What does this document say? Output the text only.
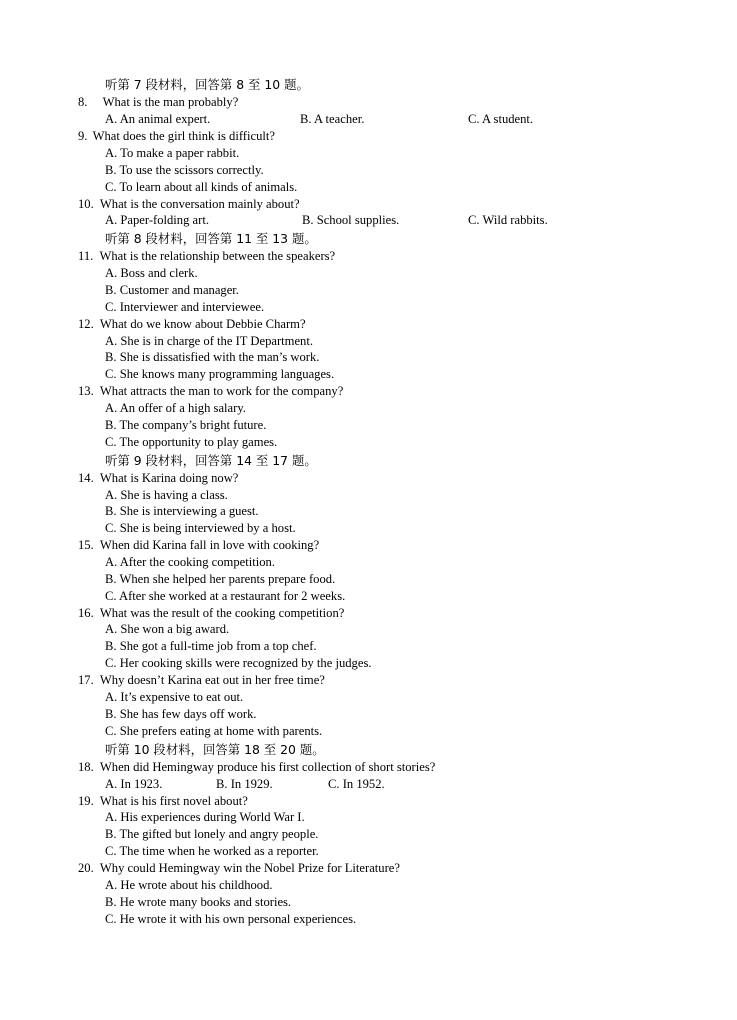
听第 7 段材料，回答第 8 至 10 题。
8. What is the man probably?
A. An animal expert.	B. A teacher.	C. A student.
9. What does the girl think is difficult?
A. To make a paper rabbit.
B. To use the scissors correctly.
C. To learn about all kinds of animals.
10. What is the conversation mainly about?
A. Paper-folding art.	B. School supplies.	C. Wild rabbits.
听第 8 段材料，回答第 11 至 13 题。
11. What is the relationship between the speakers?
A. Boss and clerk.
B. Customer and manager.
C. Interviewer and interviewee.
12. What do we know about Debbie Charm?
A. She is in charge of the IT Department.
B. She is dissatisfied with the man’s work.
C. She knows many programming languages.
13. What attracts the man to work for the company?
A. An offer of a high salary.
B. The company’s bright future.
C. The opportunity to play games.
听第 9 段材料，回答第 14 至 17 题。
14. What is Karina doing now?
A. She is having a class.
B. She is interviewing a guest.
C. She is being interviewed by a host.
15. When did Karina fall in love with cooking?
A. After the cooking competition.
B. When she helped her parents prepare food.
C. After she worked at a restaurant for 2 weeks.
16. What was the result of the cooking competition?
A. She won a big award.
B. She got a full-time job from a top chef.
C. Her cooking skills were recognized by the judges.
17. Why doesn’t Karina eat out in her free time?
A. It’s expensive to eat out.
B. She has few days off work.
C. She prefers eating at home with parents.
听第 10 段材料，回答第 18 至 20 题。
18. When did Hemingway produce his first collection of short stories?
A. In 1923.	B. In 1929.	C. In 1952.
19. What is his first novel about?
A. His experiences during World War I.
B. The gifted but lonely and angry people.
C. The time when he worked as a reporter.
20. Why could Hemingway win the Nobel Prize for Literature?
A. He wrote about his childhood.
B. He wrote many books and stories.
C. He wrote it with his own personal experiences.
